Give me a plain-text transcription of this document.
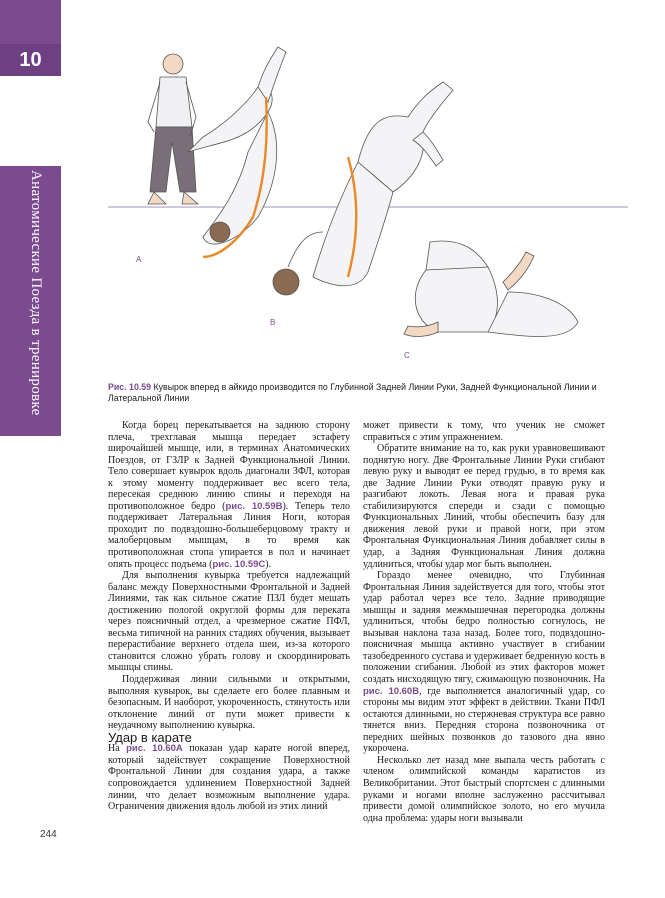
10
Анатомические Поезда в тренировке	A
B
C
Рис. 10.59 Кувырок вперед в айкидо производится по Глубинной Задней Линии Руки, Задней Функциональной Линии и Латеральной Линии

Когда борец перекатывается на заднюю сторону плеча, трехглавая мышца передает эстафету широчайшей мышце, или, в терминах Анатомических Поездов, от ГЗЛР к Задней Функциональной Линии. Тело совершает кувырок вдоль диагонали ЗФЛ, которая к этому моменту поддерживает вес всего тела, пересекая среднюю линию спины и переходя на противоположное бедро (рис. 10.59B). Теперь тело поддерживает Латеральная Линия Ноги, которая проходит по подвздошно-большеберцовому тракту и малоберцовым мышцам, в то время как противоположная стопа упирается в пол и начинает опять процесс подъема (рис. 10.59C).

Для выполнения кувырка требуется надлежащий баланс между Поверхностными Фронтальной и Задней Линиями, так как сильное сжатие ПЗЛ будет мешать достижению пологой округлой формы для переката через поясничный отдел, а чрезмерное сжатие ПФЛ, весьма типичной на ранних стадиях обучения, вызывает перерастибание верхнего отдела шеи, из-за которого становится сложно убрать голову и скоординировать мышцы спины.

Поддерживая линии сильными и открытыми, выполняя кувырок, вы сделаете его более плавным и безопасным. И наоборот, укороченность, стянутость или отклонение линий от пути может привести к неудачному выполнению кувырка.

Удар в карате

На рис. 10.60A показан удар карате ногой вперед, который задействует сокращение Поверхностной Фронтальной Линии для создания удара, а также сопровождается удлинением Поверхностной Задней линии, что делает возможным выполнение удара. Ограничения движения вдоль любой из этих линий

может привести к тому, что ученик не сможет справиться с этим упражнением.

Обратите внимание на то, как руки уравновешивают поднятую ногу. Две Фронтальные Линии Руки сгибают левую руку и выводят ее перед грудью, в то время как две Задние Линии Руки отводят правую руку и разгибают локоть. Левая нога и правая рука стабилизируются спереди и сзади с помощью Функциональных Линий, чтобы обеспечить базу для движения левой руки и правой ноги, при этом Фронтальная Функциональная Линия добавляет силы в удар, а Задняя Функциональная Линия должна удлиниться, чтобы удар мог быть выполнен.

Гораздо менее очевидно, что Глубинная Фронтальная Линия задействуется для того, чтобы этот удар работал через все тело. Задние приводящие мышцы и задняя межмышечная перегородка должны удлиниться, чтобы бедро полностью согнулось, не вызывая наклона таза назад. Более того, подвздошно-поясничная мышца активно участвует в сгибании тазобедренного сустава и удерживает бедренную кость в положении сгибания. Любой из этих факторов может создать нисходящую тягу, сжимающую позвоночник. На рис. 10.60B, где выполняется аналогичный удар, со стороны мы видим этот эффект в действии. Ткани ПФЛ остаются длинными, но стержневая структура все равно тянется вниз. Передняя сторона позвоночника от передних шейных позвонков до тазового дна явно укорочена.

Несколько лет назад мне выпала честь работать с членом олимпийской команды каратистов из Великобритании. Этот быстрый спортсмен с длинными руками и ногами вполне заслуженно рассчитывал привести домой олимпийское золото, но его мучила одна проблема: удары ноги вызывали

244
